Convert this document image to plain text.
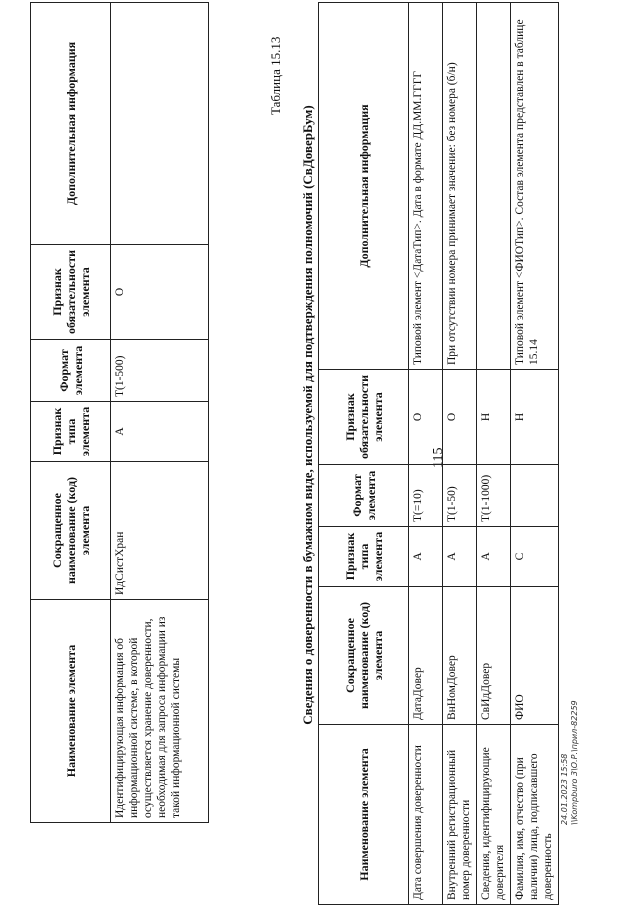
Наименование элемента	Сокращенное наименование (код) элемента	Признак типа элемента	Формат элемента	Признак обязательности элемента	Дополнительная информация
Идентифицирующая информация об информационной системе, в которой осуществляется хранение доверенности, необходимая для запроса информации из такой информационной системы	ИдСистХран	А	T(1-500)	О	
115
Таблица 15.13
Сведения о доверенности в бумажном виде, используемой для подтверждения полномочий (СвДоверБум)
Наименование элемента	Сокращенное наименование (код) элемента	Признак типа элемента	Формат элемента	Признак обязательности элемента	Дополнительная информация
Дата совершения доверенности	ДатаДовер	А	T(=10)	О	Типовой элемент <ДатаТип>. Дата в формате ДД.ММ.ГГГГ
Внутренний регистрационный номер доверенности	ВнНомДовер	А	T(1-50)	О	При отсутствии номера принимает значение: без номера (б/н)
Сведения, идентифицирующие доверителя	СвИдДовер	А	T(1-1000)	Н	
Фамилия, имя, отчество (при наличии) лица, подписавшего доверенность	ФИО	С		Н	Типовой элемент <ФИОТип>. Состав элемента представлен в таблице 15.14
24.01.2023 15:58 \\Kompburo 3\О.Р.\прил-82259
